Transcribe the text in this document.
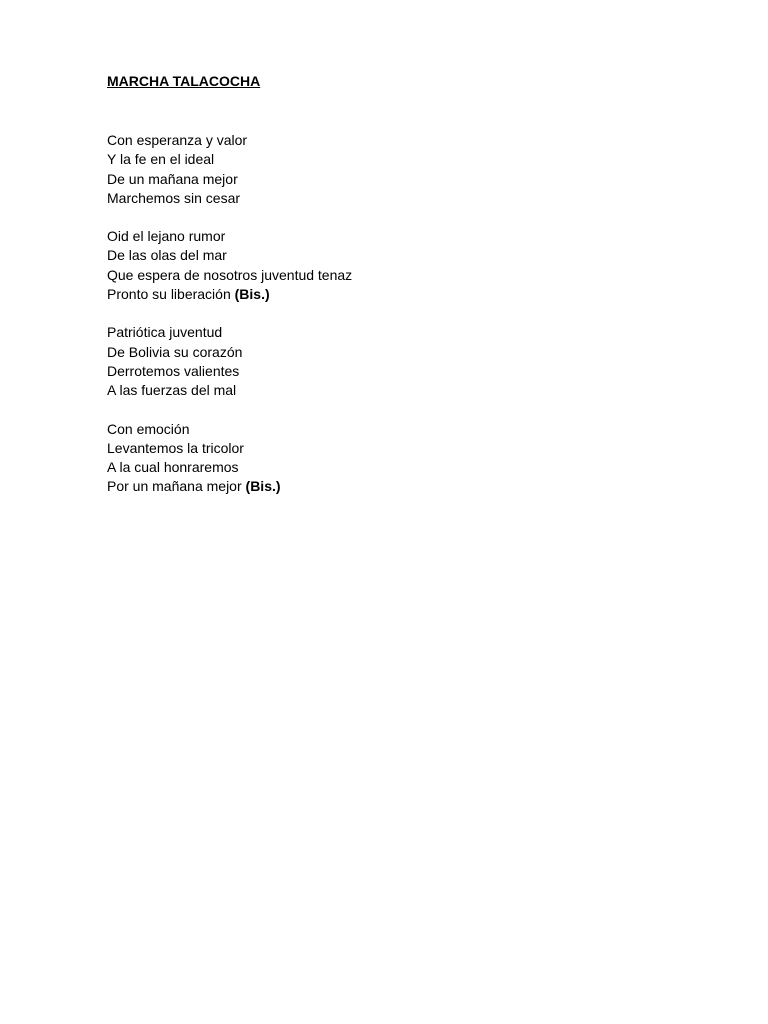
MARCHA TALACOCHA
Con esperanza y valor
Y la fe en el ideal
De un mañana mejor
Marchemos sin cesar
Oid el lejano rumor
De las olas del mar
Que espera de nosotros juventud tenaz
Pronto su liberación (Bis.)
Patriótica juventud
De Bolivia su corazón
Derrotemos valientes
A las fuerzas del mal
Con emoción
Levantemos la tricolor
A la cual honraremos
Por un mañana mejor (Bis.)
